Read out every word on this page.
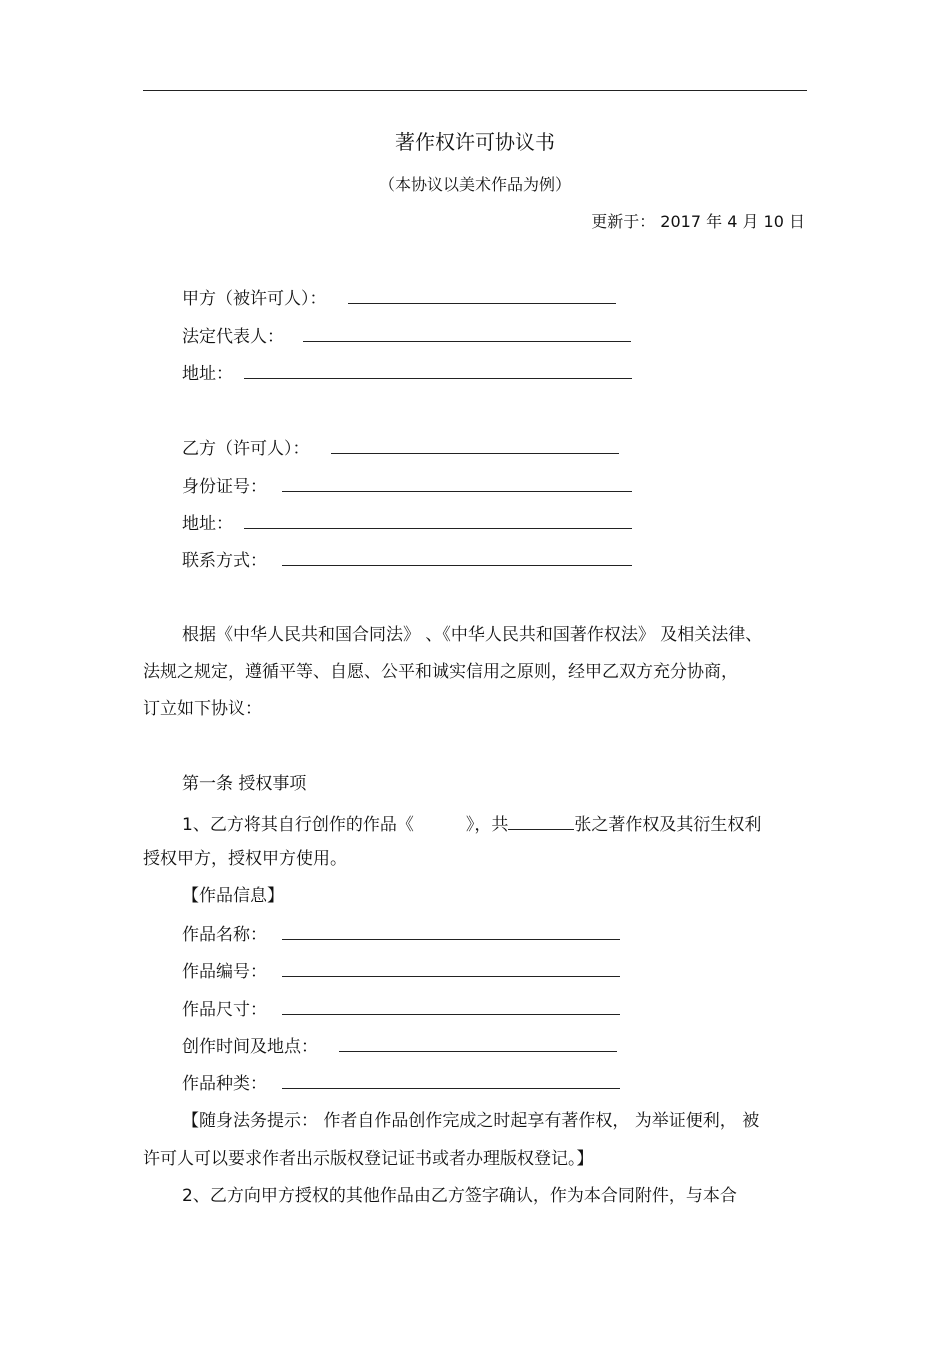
著作权许可协议书
（本协议以美术作品为例）
更新于： 2017 年 4 月 10 日
甲方（被许可人）：
法定代表人：
地址：
乙方（许可人）：
身份证号：
地址：
联系方式：
根据《中华人民共和国合同法》 、《中华人民共和国著作权法》 及相关法律、
法规之规定，遵循平等、自愿、公平和诚实信用之原则，经甲乙双方充分协商，
订立如下协议：
第一条 授权事项
1、乙方将其自行创作的作品《	》，共	张之著作权及其衍生权利
授权甲方，授权甲方使用。
【作品信息】
作品名称：
作品编号：
作品尺寸：
创作时间及地点：
作品种类：
【随身法务提示： 作者自作品创作完成之时起享有著作权， 为举证便利， 被
许可人可以要求作者出示版权登记证书或者办理版权登记。】
2、乙方向甲方授权的其他作品由乙方签字确认，作为本合同附件，与本合
